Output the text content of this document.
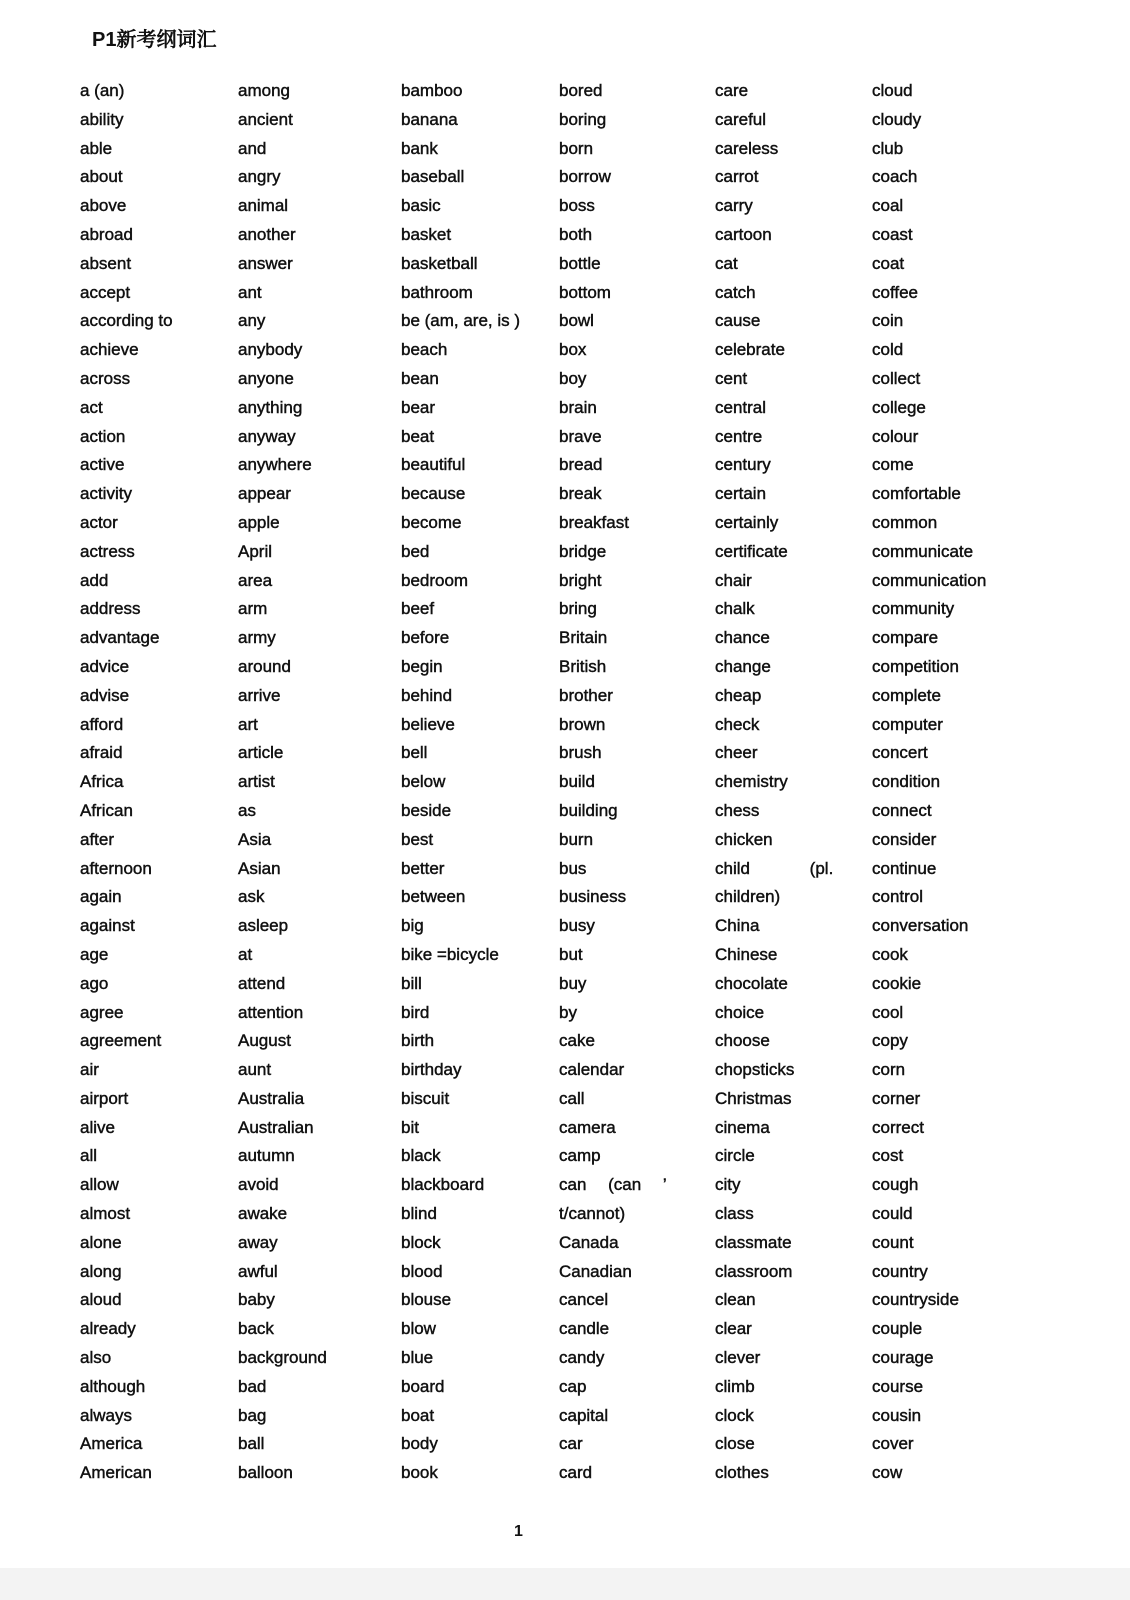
P1新考纲词汇
a (an)
ability
able
about
above
abroad
absent
accept
according to
achieve
across
act
action
active
activity
actor
actress
add
address
advantage
advice
advise
afford
afraid
Africa
African
after
afternoon
again
against
age
ago
agree
agreement
air
airport
alive
all
allow
almost
alone
along
aloud
already
also
although
always
America
American
among
ancient
and
angry
animal
another
answer
ant
any
anybody
anyone
anything
anyway
anywhere
appear
apple
April
area
arm
army
around
arrive
art
article
artist
as
Asia
Asian
ask
asleep
at
attend
attention
August
aunt
Australia
Australian
autumn
avoid
awake
away
awful
baby
back
background
bad
bag
ball
balloon
bamboo
banana
bank
baseball
basic
basket
basketball
bathroom
be (am, are, is )
beach
bean
bear
beat
beautiful
because
become
bed
bedroom
beef
before
begin
behind
believe
bell
below
beside
best
better
between
big
bike =bicycle
bill
bird
birth
birthday
biscuit
bit
black
blackboard
blind
block
blood
blouse
blow
blue
board
boat
body
book
bored
boring
born
borrow
boss
both
bottle
bottom
bowl
box
boy
brain
brave
bread
break
breakfast
bridge
bright
bring
Britain
British
brother
brown
brush
build
building
burn
bus
business
busy
but
buy
by
cake
calendar
call
camera
camp
can (can ’
t/cannot)
Canada
Canadian
cancel
candle
candy
cap
capital
car
card
care
careful
careless
carrot
carry
cartoon
cat
catch
cause
celebrate
cent
central
centre
century
certain
certainly
certificate
chair
chalk
chance
change
cheap
check
cheer
chemistry
chess
chicken
child (pl.
children)
China
Chinese
chocolate
choice
choose
chopsticks
Christmas
cinema
circle
city
class
classmate
classroom
clean
clear
clever
climb
clock
close
clothes
cloud
cloudy
club
coach
coal
coast
coat
coffee
coin
cold
collect
college
colour
come
comfortable
common
communicate
communication
community
compare
competition
complete
computer
concert
condition
connect
consider
continue
control
conversation
cook
cookie
cool
copy
corn
corner
correct
cost
cough
could
count
country
countryside
couple
courage
course
cousin
cover
cow
1
